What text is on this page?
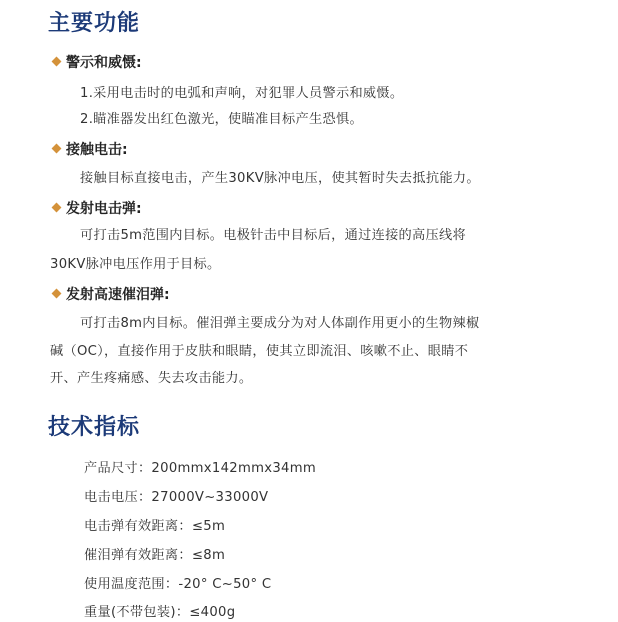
主要功能
警示和威慑:
1.采用电击时的电弧和声响，对犯罪人员警示和威慑。
2.瞄准器发出红色激光，使瞄准目标产生恐惧。
接触电击:
接触目标直接电击，产生30KV脉冲电压，使其暂时失去抵抗能力。
发射电击弹:
可打击5m范围内目标。电极针击中目标后，通过连接的高压线将
30KV脉冲电压作用于目标。
发射高速催泪弹:
可打击8m内目标。催泪弹主要成分为对人体副作用更小的生物辣椒
碱（OC），直接作用于皮肤和眼睛，使其立即流泪、咳嗽不止、眼睛不
开、产生疼痛感、失去攻击能力。
技术指标
产品尺寸：200mmx142mmx34mm
电击电压：27000V~33000V
电击弹有效距离：≤5m
催泪弹有效距离：≤8m
使用温度范围：-20° C~50° C
重量(不带包装)：≤400g
